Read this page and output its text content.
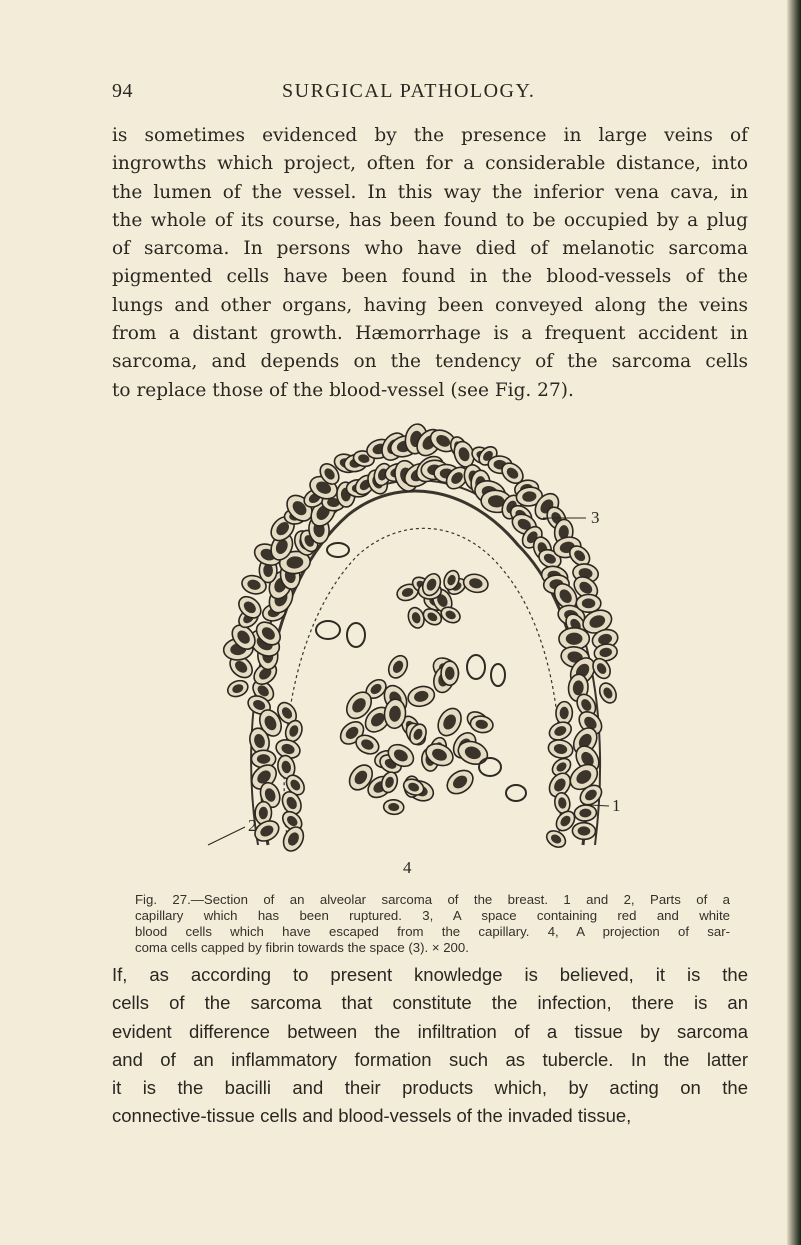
94	SURGICAL PATHOLOGY.
is sometimes evidenced by the presence in large veins of
ingrowths which project, often for a considerable distance, into
the lumen of the vessel. In this way the inferior vena cava, in
the whole of its course, has been found to be occupied by a plug
of sarcoma. In persons who have died of melanotic sarcoma
pigmented cells have been found in the blood-vessels of the
lungs and other organs, having been conveyed along the veins
from a distant growth. Hæmorrhage is a frequent accident in
sarcoma, and depends on the tendency of the sarcoma cells
to replace those of the blood-vessel (see Fig. 27).
3
2
1
4
Fig. 27.—Section of an alveolar sarcoma of the breast. 1 and 2, Parts of a
capillary which has been ruptured. 3, A space containing red and white
blood cells which have escaped from the capillary. 4, A projection of sar-
coma cells capped by fibrin towards the space (3). × 200.
If, as according to present knowledge is believed, it is the
cells of the sarcoma that constitute the infection, there is an
evident difference between the infiltration of a tissue by sarcoma
and of an inflammatory formation such as tubercle. In the latter
it is the bacilli and their products which, by acting on the
connective-tissue cells and blood-vessels of the invaded tissue,
